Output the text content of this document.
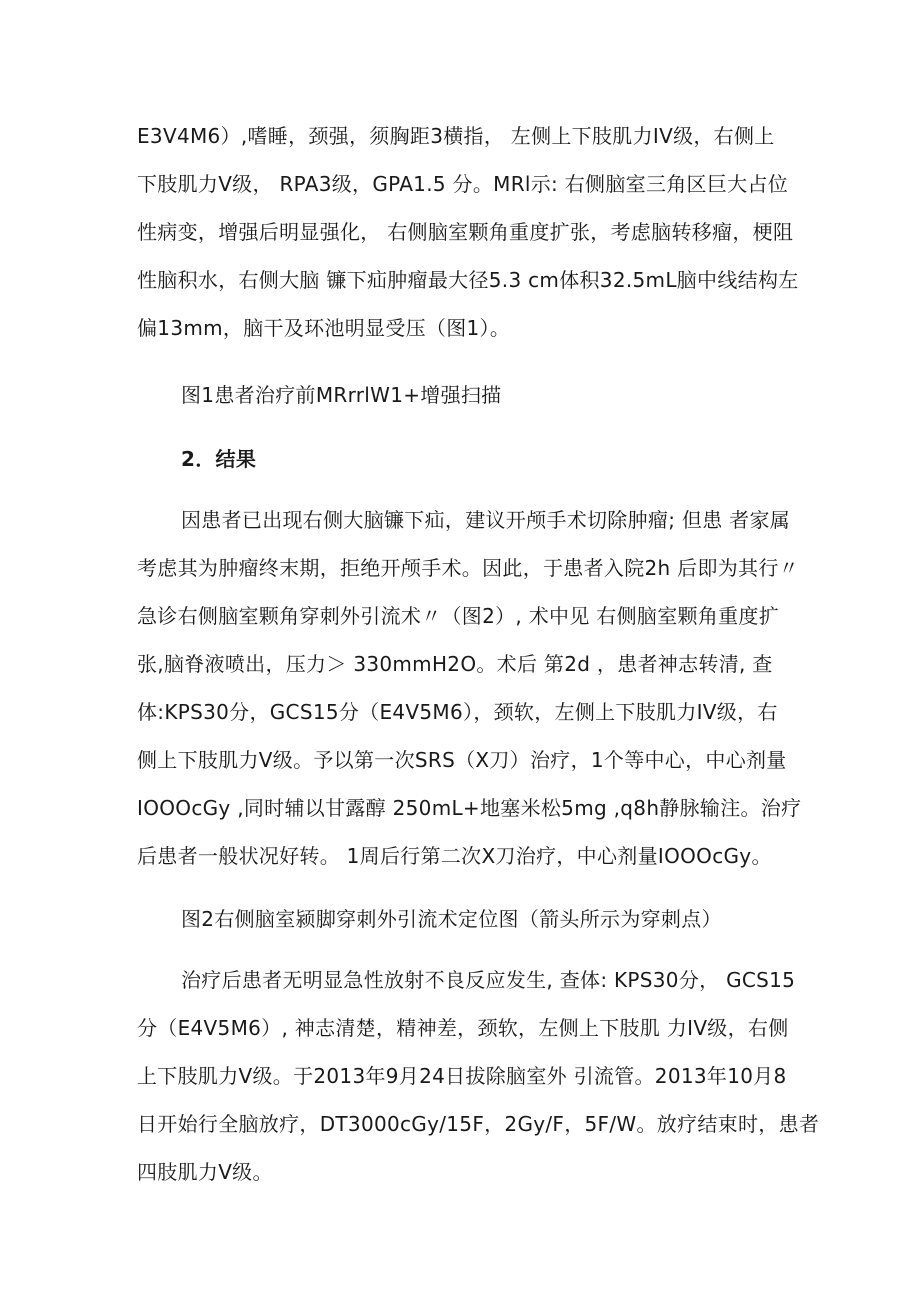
E3V4M6）,嗜睡，颈强，须胸距3横指， 左侧上下肢肌力IV级，右侧上
下肢肌力V级， RPA3级，GPA1.5 分。MRl示: 右侧脑室三角区巨大占位
性病变，增强后明显强化， 右侧脑室颗角重度扩张，考虑脑转移瘤，梗阻
性脑积水，右侧大脑 镰下疝肿瘤最大径5.3 cm体积32.5mL脑中线结构左
偏13mm，脑干及环池明显受压（图1）。
图1患者治疗前MRrrlW1+增强扫描
2．结果
因患者已出现右侧大脑镰下疝，建议开颅手术切除肿瘤; 但患 者家属
考虑其为肿瘤终末期，拒绝开颅手术。因此，于患者入院2h 后即为其行〃
急诊右侧脑室颗角穿刺外引流术〃（图2）, 术中见 右侧脑室颗角重度扩
张,脑脊液喷出，压力＞ 330mmH2O。术后 第2d ，患者神志转清, 查
体:KPS30分，GCS15分（E4V5M6），颈软，左侧上下肢肌力IV级，右
侧上下肢肌力V级。予以第一次SRS（X刀）治疗，1个等中心，中心剂量
IOOOcGy ,同时辅以甘露醇 250mL+地塞米松5mg ,q8h静脉输注。治疗
后患者一般状况好转。 1周后行第二次X刀治疗，中心剂量IOOOcGy。
图2右侧脑室颍脚穿刺外引流术定位图（箭头所示为穿刺点）
治疗后患者无明显急性放射不良反应发生, 查体: KPS30分， GCS15
分（E4V5M6）, 神志清楚，精神差，颈软，左侧上下肢肌 力IV级，右侧
上下肢肌力V级。于2013年9月24日拔除脑室外 引流管。2013年10月8
日开始行全脑放疗，DT3000cGy/15F，2Gy/F，5F/W。放疗结束时，患者
四肢肌力V级。
